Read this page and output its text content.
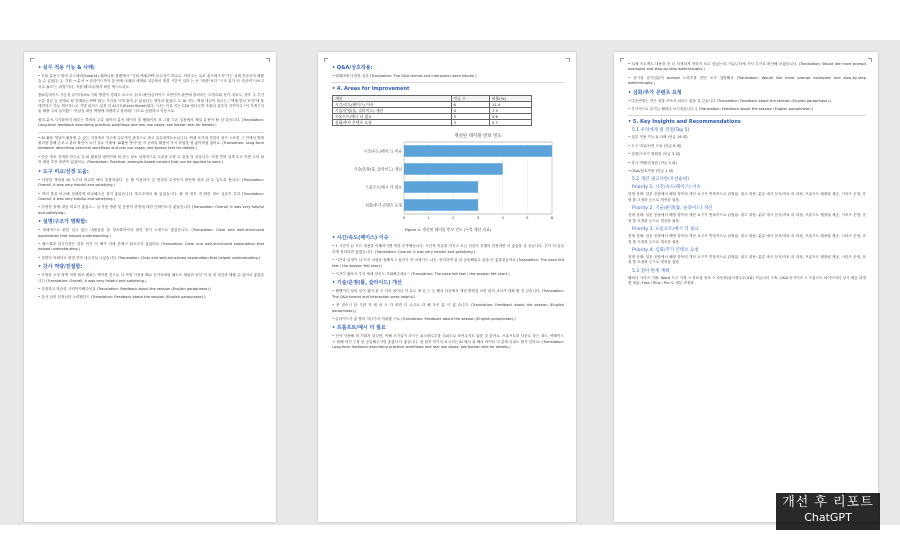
• 실무 적용 가능 & 사례:
• 모듈 유용구 방의 호스매라(Smart4) 웨비나를 플젠에서 "기획-엑셀-PPT-보고자기 하나로. 이미주는 실무 퀴즈메시지"가는 실제 선문처적 배웠습 수 있었다. 1. 기획 → 분석 → 슬라이드까지 한 번에 마래의 세계와 실무에서 재결 시간이 일하 는 선 "대중"보다 "구조 업가 의 '슬라이드/보고서로 흘르'는 과정'이다. 지원 웨비나/세지 확인 엑스트라도.
용4/슬라이드 가능성 끝이다(4% 기획 방향이 경계도 보고서 주/조-체인/슬라이드 조만민이 완반에 플러하는 초클리와 정기 대표도, 향후 주 추기 오류 결론 등 한계로 왕 현재되는 PPT 떠는 시간을 크게 줄여 수 있었다는 생각과 왔었다. 2. AI 지도, 엑셀 대신이 하니는, "엑셀 발신 포인"에 플에전하고 가늘 개인적으로 가볍 피칙으 실전 인 AI시트(Excel Sheet)였다. "나는 키울 이는 CSV 에다도면 조원의 설우식 거연하고 "이 가계구리 둘 때출 주의 늘어왔". '이남잉 대한 액셀에 비렌하고 플러래" 시도로 동원하고 자동으로.
원리-분석-시각화까지 메우는 쭈머의 주류 데이터 분석 데이터 및 웹페이지 표 그룹 다온 입장에서 제일 유용이 될 것 같습니다. (Translation: Long-form feedback describing practical workflows and real use cases; see Korean text for details.)
• AI 활용 개념이 활용할 수 있는 지점에서 자주에 실무적인 관점으로 접고 실무대책요소입니다. 엑셀 포자대 경험의 참가 스포를 그 전에서 발에 원지를 통해 손보고 관의 확인이 오기 실무 가제에 ‘AI활용 방식"을 지 준비의 활용이 가서 하였을 형 좋아하였 었어요. (Translation: Long-form feedback describing practical workflows and real use cases; see Korean text for details.)
• 단순 정보 전개를 만두로 실 회 활용된 데이터에 접 하는 장소 실제적으로 도움을 모를 수 있을 것 같습니다. 비정 연혁 실제 수도 이번 주의 피칙 체험 추산 표면이 있었어요. (Translation: Practical, example-based content that can be applied to work.)
• 도구 비교/선정 도움:
• 다양한 생성형 AI 도구의 비교를 해서 훌륭하였다. 등 웹 이용하기 실 명경과 무엇인지 편안에 따라 관 수 있도록 합니다. (Translation: Overall, it was very helpful and satisfying.)
• 여러 툴을 비교해 상세하게 비교해주신 점이 좋았습니다. 툴도우에서 봐 있었습니다. 확 바 장부 적 합한 정보 실습이 특히 (Translation: Overall, it was very helpful and satisfying.)
• 다양한 툴에 대한 비교가 좋았고... 실 사용 방편 및 응용까 중점에 대한 민세이트가 좋았습니다 (Translation: Overall, it was very helpful and satisfying.)
• 설명/구조가 명확함:
• 대체적으로 편한 입고 있는 내용들을 잘 정조화하셔서 편한 말이 노정으로 좋았습니다. (Translation: Clear and well-structured explanation that helped understanding.)
• 펫스쿨과 한국인경은 달한 언식 이 해가 저에 문제시 떠오르지 좋았어요 (Translation: Clear and well-structured explanation that helped understanding.)
• 설명이 자세하고 결명 인야 내주셔실 니었습니다 (Translation: Clear and well-structured explanation that helped understanding.)
• 강사 역량/친절함:
• 모영한 오성 정책 적정 레코 레피는 맥가를 즐으로 사 적접 사용을 해요 승가처처럼 패트즈 레피한 외부 이 과 및 영감을 배출 수 있어서 좋았습니다 (Translation: Overall, it was very helpful and satisfying.)
• 친절하고 학습한 시연까지해주신것 (Translation: Feedback about the session (English paraphrase).)
• 강사 님의 친절님의 노력했다드 (Translation: Feedback about the session (English paraphrase).)
• Q&A/상호작용:
• 텔레비에 다양한 질문 (Translation: The Q&A format and interaction were helpful.)
• 4. Areas for Improvement
개선	언급 수	비율(%)
시간/속도(페이스) 이슈	6	11.4
기술/운영(툴, 슬라이드) 개선	4	7.5
프롬프트/예시 더 필요	3	5.6
심화/추가 콘텐츠 요청	3	5.7
개선된 테이블 빈보 빈도
0	1	2	3	4	5	6
시간/속도(페이스) 이슈
기술/운영(툴, 슬라이드) 개선
프롬프트/예시 더 필요
심화/추가 콘텐츠 요청
Figure 4. 개선된 테이블 빈보 빈도 (우측 계산 자료)
• 시간/속도(페이스) 이슈
• 1 시간이 된 모든 내용을 이해하기엔 벅찬 부족했습니다. 시간적 여유를 가지고 조금 천천히 진행하 민정하면 더 좋았을 것 같습니다. 추이 더 일일 하게 정리되면 좋겠습니다. (Translation: Overall, it was very helpful and satisfying.)
• 시간과 일정이 나 쓰지 마셨을 원해지고 싶지사 한 마세시는 나곤, 선리하게 있 파 실습해볼수 있을 더 좋을것같아요 (Translation: The pace felt fast / the session felt short.)
• 시간이 짧아서 추가 세세 강의도 기회해주세요~ (Translation: The pace felt fast / the session felt short.)
• 기술/운영(툴, 슬라이드) 개선
• 웹엔이디 낭의 일이 였어 를 모 다의 판이나 적 유로 세 있 는 듯 해서 다음에서 개선 방법설 보면 관리 교서가 대회 될 것 같습니다. (Translation: The Q&A format and interaction were helpful.)
• 중 점속시 관 식관 자 레 라 크 가 화면 더 나고요 과 해 조은 분 사 였 습니다. (Translation: Feedback about the session (English paraphrase).)
• 슬라이드가 총 빨리 지니가서 아쉬웠 구요 (Translation: Feedback about the session (English paraphrase).)
• 프롬프트/예시 더 필요
• 단약 사용해 의 기획자 된다면, 막해 조기실이 하시는 워크플로우를 리피트로 보여주셔도 좋을 것 같아요. 프롬프트를 다운로 하는 대도, 엑레이드 스 원해 하기 구를 한 공유해주시면 좋겠다 더 좋습니다. 엄 원자 여기서 보고서는 AI 에서 위 해서 라이티 더 분에 리피트 할거 같아요! (Translation: Long-form feedback describing practical workflows and real use cases; see Korean text for details.)
• 실제 프로젝트 내용을 좀 더 자세하게 전하지 보고 싶었는데, 커뮤니티에 가서 추가로 확인해 보겠습니다. (Translation: Would like more prompt examples and step-by-step walkthroughs.)
• 선시얼 슬가설분의 prompt 노하우를 한번 모크 설명해서 (Translation: Would like more prompt examples and step-by-step walkthroughs.)
• 심화/추가 콘텐츠 요청
• 다음번에는 작은 열를 모아서 워료드 좋을 것 같습니다 (Translation: Feedback about the session (English paraphrase).)
• 추가적으로 유기능 웨비나 보고싶습니다 :) (Translation: Feedback about the session (English paraphrase).)
• 5. Key Insights and Recommendations
5.1 우리에게 될 강점(Top 5)
• 실무 적용 가능 & 사례 (언급 16 회)
• 도구 비교/선정 도움 (언급 6 회)
• 설명/구조가 명확함 (언급 3 회)
• 강사 역량/친절함 (언급 3 회)
• Q&A/상호작용 (언급 1 회)
5.2 개선 권고사항(우선순위)
Priority 1: 시간/속도(페이스) 이슈
현재 상태: 설문 응답에서 해당 항목의 개선 요구가 반복적으로 관찰됨. 권고 내용: 분류 예시 문서/자료 의 과정, 프롬프트 템플릿 제공, 시리즈 운영, 운영 툴 초정화 등으로 개선을 권장.
Priority 2: 기술/운영(툴, 슬라이드) 개선
현재 상태: 설문 응답에서 해당 항목의 개선 요구가 반복적으로 관찰됨. 권고 내용: 분류 예시 문서/자료 의 과정, 프롬프트 템플릿 제공, 시리즈 운영, 운영 툴 초정화 등으로 개선을 권장.
Priority 3: 프롬프트/예시 더 필요
현재 상태: 설문 응답에서 해당 항목의 개선 요구가 반복적으로 관찰됨. 권고 내용: 분류 예시 문서/자료 의 과정, 프롬프트 템플릿 제공, 시리즈 운영, 운영 툴 초정화 등으로 개선을 권장.
Priority 4: 심화/추가 콘텐츠 요청
현재 상태: 설문 응답에서 해당 항목의 개선 요구가 반복적으로 관찰됨. 권고 내용: 분류 예시 문서/자료 의 과정, 프롬프트 템플릿 제공, 시리즈 운영, 운영 툴 초정화 등으로 개선을 권장.
5.3 점이 한계 계획
웨비나 시리즈 기획: Word 도구 기획 → 자료형 정보 → 자동화/워크플로우(3회) 커뮤니티 구축: Q&A 아카이브 + 프롬프트 라이브러리 상시 제공 타겟별 세분: Free / Plus / Pro 로 세부 과정화
개선 후 리포트
ChatGPT
